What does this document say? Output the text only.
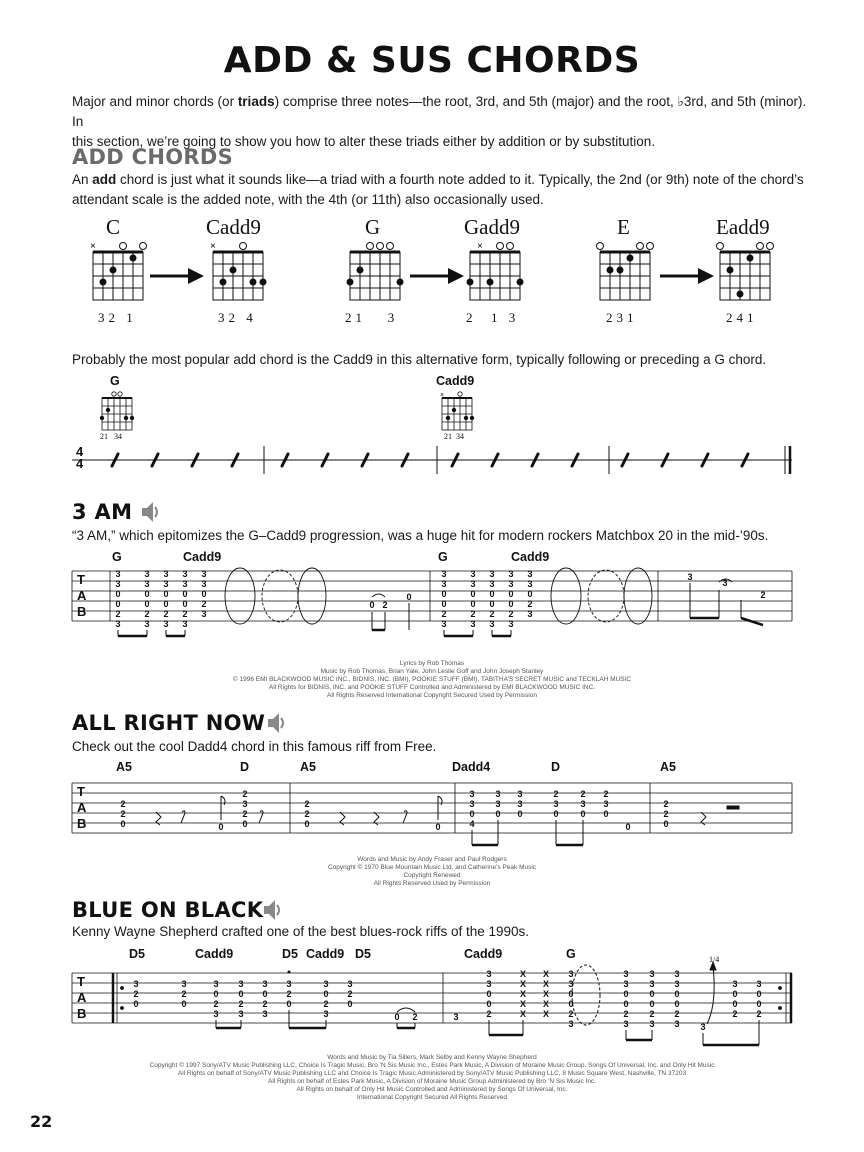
ADD & SUS CHORDS
Major and minor chords (or triads) comprise three notes—the root, 3rd, and 5th (major) and the root, ♭3rd, and 5th (minor). In
this section, we’re going to show you how to alter these triads either by addition or by substitution.
ADD CHORDS
An add chord is just what it sounds like—a triad with a fourth note added to it. Typically, the 2nd (or 9th) note of the chord’s
attendant scale is the added note, with the 4th (or 11th) also occasionally used.
C	Cadd9	G	Gadd9	E	Eadd9
×	×	×
×
32 1	32 4	21   3	2  1 3	231	241
Probably the most popular add chord is the Cadd9 in this alternative form, typically following or preceding a G chord.
G	Cadd9
21   34	21  34
4
4
3 AM
“3 AM,” which epitomizes the G–Cadd9 progression, was a huge hit for modern rockers Matchbox 20 in the mid-’90s.
G	Cadd9	G	Cadd9
3
3
0
0
2
3
3
3
0
0
2
3
3
3
0
0
2
3
3
3
0
0
2
3
3
3
0
2
3
0 2
0
3
3
0
0
2
3
3
3
0
0
2
3
3
3
0
0
2
3
3
3
0
0
2
3
3
3
0
2
3
3
3
2
2
2
0	0
2
3
2
0
2
2
0	0
3
3
0
4
3
3
0
3
3
0
2
3
0
2
3
0
2
3
0
0
2
2
0
3
2
0
3
2
0
3
0
2
3
3
0
2
3
3
0
2
3
3
2
0
3
0
2
3
3
2
0
0 2	3
3
3
0
0
2
X
X
X
X
X
X
X
X
X
X
3
3
0
0
2
3
3
3
0
0
2
3
3
3
0
0
2
3
3
3
0
0
2
3 3
3
0
0
2
3
0
0
2
T
A
B
T
A
B
T
A
B
Lyrics by Rob Thomas
Music by Rob Thomas, Brian Yale, John Leslie Goff and John Joseph Stanley
© 1996 EMI BLACKWOOD MUSIC INC., BIDNIS, INC. (BMI), POOKIE STUFF (BMI), TABITHA’S SECRET MUSIC and TECKLAH MUSIC
All Rights for BIDNIS, INC. and POOKIE STUFF Controlled and Administered by EMI BLACKWOOD MUSIC INC.
All Rights Reserved International Copyright Secured Used by Permission
ALL RIGHT NOW
Check out the cool Dadd4 chord in this famous riff from Free.
A5	D	A5	Dadd4	D	A5
Words and Music by Andy Fraser and Paul Rodgers
Copyright © 1970 Blue Mountain Music Ltd. and Catherine’s Peak Music
Copyright Renewed
All Rights Reserved Used by Permission
BLUE ON BLACK
Kenny Wayne Shepherd crafted one of the best blues-rock riffs of the 1990s.
D5	Cadd9	D5 Cadd9 D5	Cadd9	G	1/4
Words and Music by Tia Sillers, Mark Selby and Kenny Wayne Shepherd
Copyright © 1997 Sony/ATV Music Publishing LLC, Choice Is Tragic Music, Bro ’N Sis Music Inc., Estes Park Music, A Division of Moraine Music Group, Songs Of Universal, Inc. and Only Hit Music
All Rights on behalf of Sony/ATV Music Publishing LLC and Choice Is Tragic Music Administered by Sony/ATV Music Publishing LLC, 8 Music Square West, Nashville, TN 37203
All Rights on behalf of Estes Park Music, A Division of Moraine Music Group Administered by Bro ’N Sis Music Inc.
All Rights on behalf of Only Hit Music Controlled and Administered by Songs Of Universal, Inc.
International Copyright Secured All Rights Reserved
22
